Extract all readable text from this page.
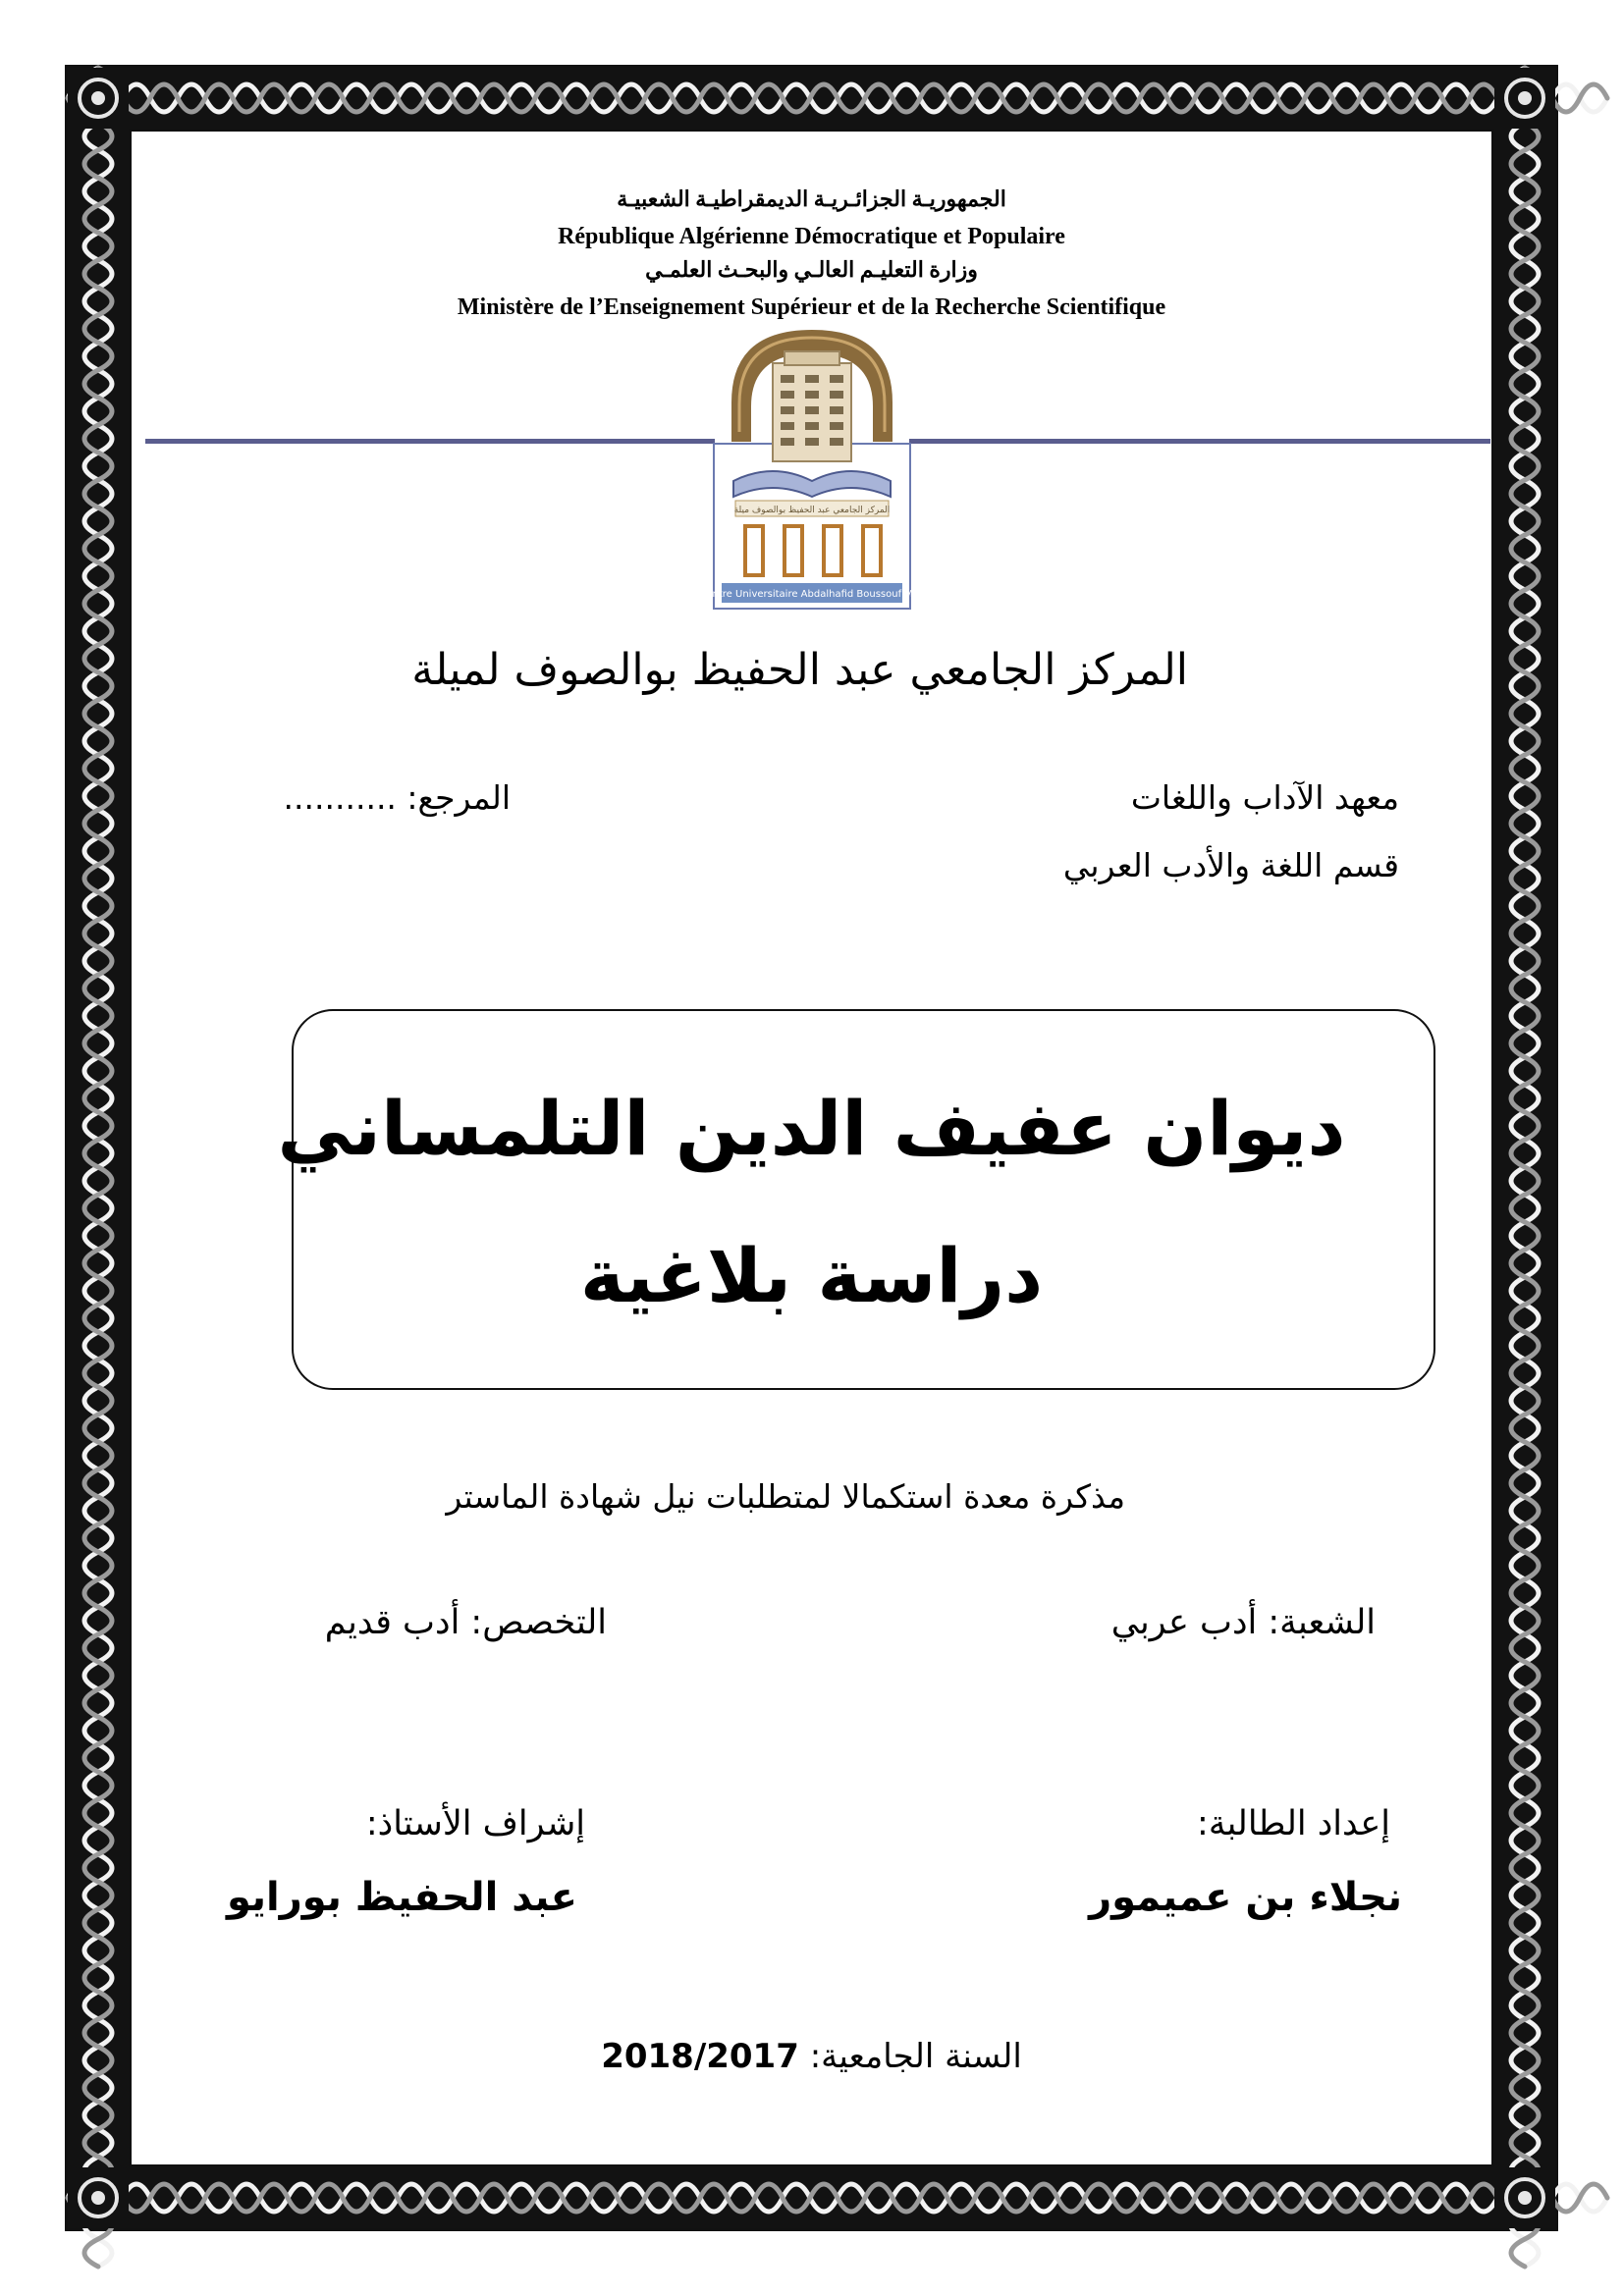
الجمهوريـة الجزائـريـة الديمقراطيـة الشعبيـة
République Algérienne Démocratique et Populaire
وزارة التعليـم العالـي والبحـث العلمـي
Ministère de l’Enseignement Supérieur et de la Recherche Scientifique
المركز الجامعي عبد الحفيظ بوالصوف ميلة
Centre Universitaire Abdalhafid Boussouf Mila
المركز الجامعي عبد الحفيظ بوالصوف لميلة
معهد الآداب واللغات
قسم اللغة والأدب العربي
المرجع: ...........
ديوان عفيف الدين التلمساني
دراسة بلاغية
مذكرة معدة استكمالا لمتطلبات نيل شهادة الماستر
الشعبة: أدب عربي
التخصص: أدب قديم
إعداد الطالبة:
نجلاء بن عميمور
إشراف الأستاذ:
عبد الحفيظ بورايو
السنة الجامعية: 2018/2017
